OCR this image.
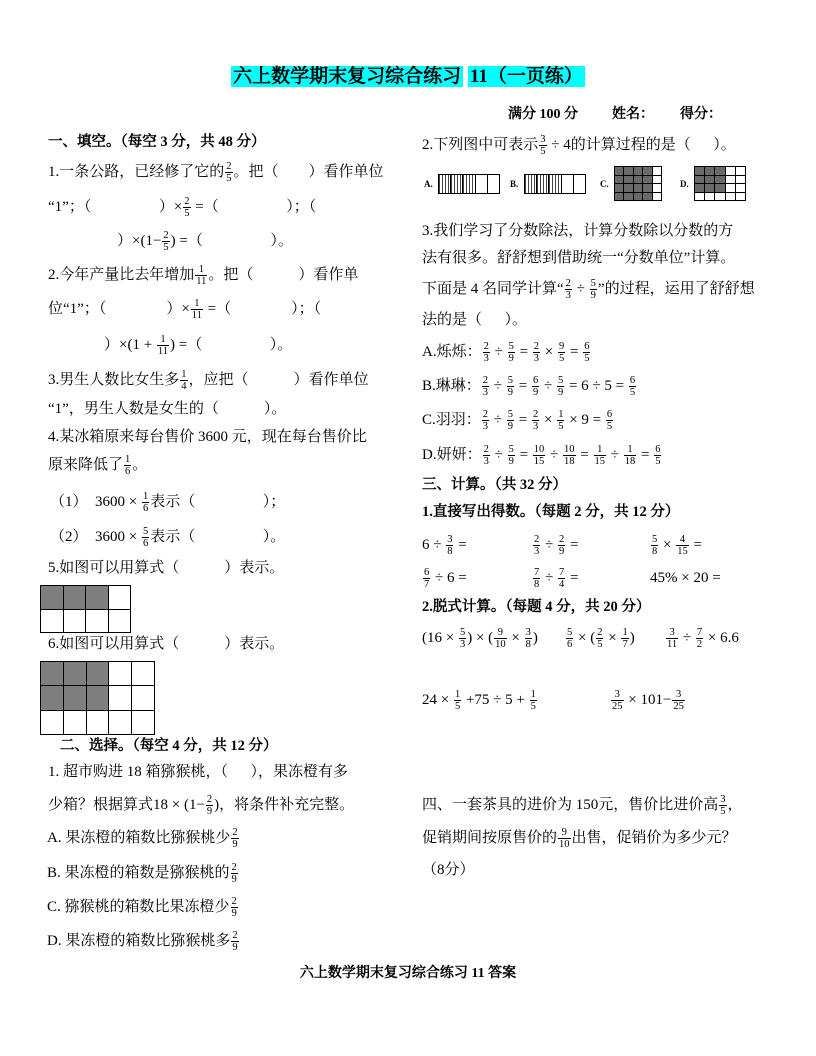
六上数学期末复习综合练习 11（一页练）
满分 100 分 姓名： 得分：
一、填空。（每空 3 分，共 48 分）
1.一条公路，已经修了它的 $\frac{2}{5}$ 。把（        ）看作单位
“1”；（                  ）× $\frac{2}{5}$ =（                  ）；（
）$\times(1- \frac{2}{5}$ ) =（                  ）。
2.今年产量比去年增加 $\frac{1}{11}$ 。把（            ）看作单
位“1”；（                ）× $\frac{1}{11}$ =（                ）；（
）$\times(1 + \frac{1}{11}$ ) =（                  ）。
3.男生人数比女生多 $\frac{1}{4}$ ，应把（            ）看作单位
“1”，男生人数是女生的（            ）。
4.某冰箱原来每台售价 3600 元，现在每台售价比
原来降低了 $\frac{1}{6}$ 。
（1）  $3600 \times \frac{1}{6}$ 表示（                  ）；
（2）  $3600 \times \frac{5}{6}$ 表示（                  ）。
5.如图可以用算式（            ）表示。
6.如图可以用算式（            ）表示。
二、选择。（每空 4 分，共 12 分）
1. 超市购进 18 箱猕猴桃，（      ），果冻橙有多
少箱？根据算式$18 \times (1- \frac{2}{9}$ )，将条件补充完整。
A. 果冻橙的箱数比猕猴桃少 $\frac{2}{9}$
B. 果冻橙的箱数是猕猴桃的 $\frac{2}{9}$
C. 猕猴桃的箱数比果冻橙少 $\frac{2}{9}$
D. 果冻橙的箱数比猕猴桃多 $\frac{2}{9}$
2.下列图中可表示 $\frac{3}{5} \div 4$的计算过程的是（      ）。
A.	B.	C.	D.
3.我们学习了分数除法，计算分数除以分数的方
法有很多。舒舒想到借助统一“分数单位”计算。
下面是 4 名同学计算“ $\frac{2}{3} \div \frac{5}{9}$ ”的过程，运用了舒舒想
法的是（      ）。
A.烁烁： $\frac{2}{3} \div \frac{5}{9} = \frac{2}{3} \times \frac{9}{5} = \frac{6}{5}$
B.琳琳： $\frac{2}{3} \div \frac{5}{9} = \frac{6}{9} \div \frac{5}{9} = 6 \div 5 = \frac{6}{5}$
C.羽羽： $\frac{2}{3} \div \frac{5}{9} = \frac{2}{3} \times \frac{1}{5} \times 9 = \frac{6}{5}$
D.妍妍： $\frac{2}{3} \div \frac{5}{9} = \frac{10}{15} \div \frac{10}{18} = \frac{1}{15} \div \frac{1}{18} = \frac{6}{5}$
三、计算。（共 32 分）
1.直接写出得数。（每题 2 分，共 12 分）
$6 \div \frac{3}{8}$ =	$\frac{2}{3} \div \frac{2}{9}$ =	$\frac{5}{8} \times \frac{4}{15}$ =
$\frac{6}{7} \div 6$ =	$\frac{7}{8} \div \frac{7}{4}$ =	45% × 20 =
2.脱式计算。（每题 4 分，共 20 分）
($16 \times \frac{5}{3}$ ) × ( $\frac{9}{10} \times \frac{3}{8}$ )	$\frac{5}{6}$ × ( $\frac{2}{5} \times \frac{1}{7}$ )	$\frac{3}{11} \div \frac{7}{2} \times 6.6$
$24 \times \frac{1}{5} +75 \div 5 + \frac{1}{5}$	$\frac{3}{25} \times 101- \frac{3}{25}$
四、一套茶具的进价为 150元，售价比进价高 $\frac{3}{5}$ ，
促销期间按原售价的 $\frac{9}{10}$ 出售，促销价为多少元？
（8分）
六上数学期末复习综合练习 11 答案
